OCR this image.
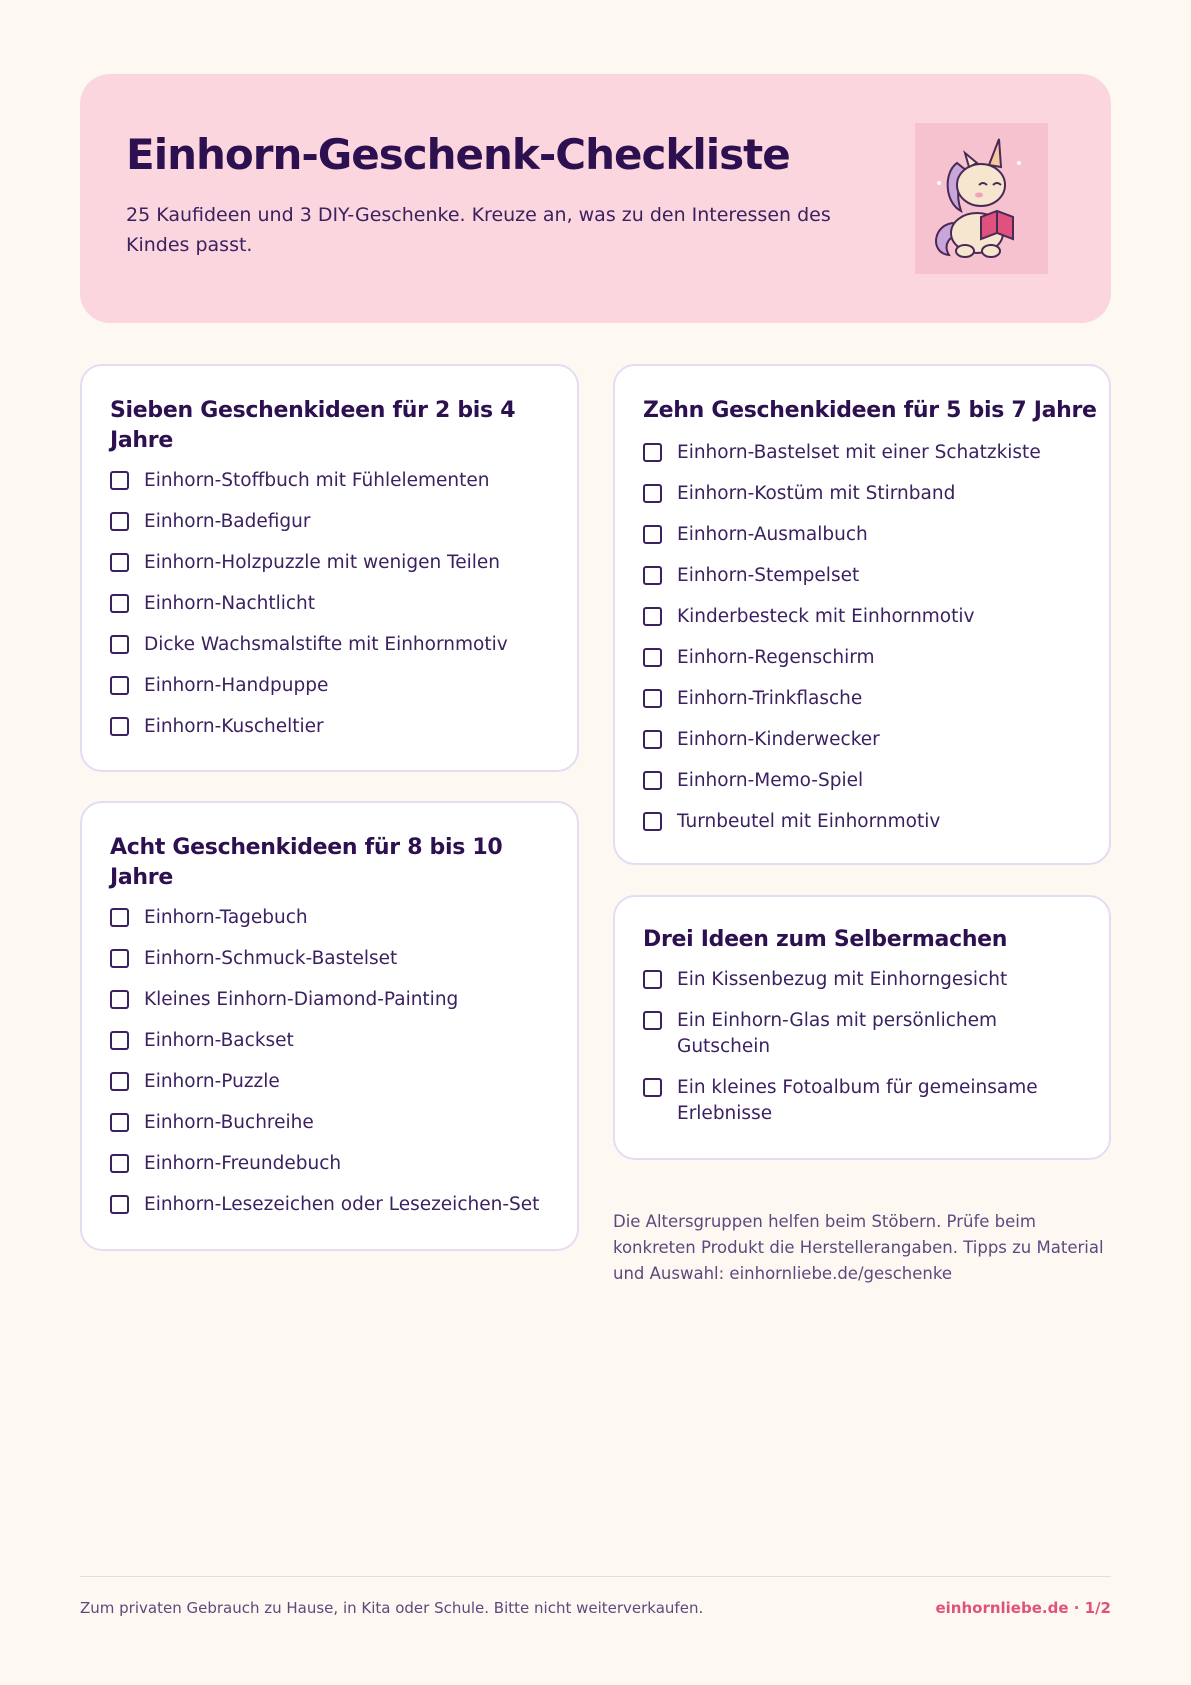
Einhorn-Geschenk-Checkliste

25 Kaufideen und 3 DIY-Geschenke. Kreuze an, was zu den Interessen des Kindes passt.

Sieben Geschenkideen für 2 bis 4 Jahre
Einhorn-Stoffbuch mit Fühlelementen
Einhorn-Badefigur
Einhorn-Holzpuzzle mit wenigen Teilen
Einhorn-Nachtlicht
Dicke Wachsmalstifte mit Einhornmotiv
Einhorn-Handpuppe
Einhorn-Kuscheltier
Zehn Geschenkideen für 5 bis 7 Jahre
Einhorn-Bastelset mit einer Schatzkiste
Einhorn-Kostüm mit Stirnband
Einhorn-Ausmalbuch
Einhorn-Stempelset
Kinderbesteck mit Einhornmotiv
Einhorn-Regenschirm
Einhorn-Trinkflasche
Einhorn-Kinderwecker
Einhorn-Memo-Spiel
Turnbeutel mit Einhornmotiv
Acht Geschenkideen für 8 bis 10 Jahre
Einhorn-Tagebuch
Einhorn-Schmuck-Bastelset
Kleines Einhorn-Diamond-Painting
Einhorn-Backset
Einhorn-Puzzle
Einhorn-Buchreihe
Einhorn-Freundebuch
Einhorn-Lesezeichen oder Lesezeichen-Set
Drei Ideen zum Selbermachen
Ein Kissenbezug mit Einhorngesicht
Ein Einhorn-Glas mit persönlichem Gutschein
Ein kleines Fotoalbum für gemeinsame Erlebnisse

Die Altersgruppen helfen beim Stöbern. Prüfe beim konkreten Produkt die Herstellerangaben. Tipps zu Material und Auswahl: einhornliebe.de/geschenke

Zum privaten Gebrauch zu Hause, in Kita oder Schule. Bitte nicht weiterverkaufen.	einhornliebe.de · 1/2
